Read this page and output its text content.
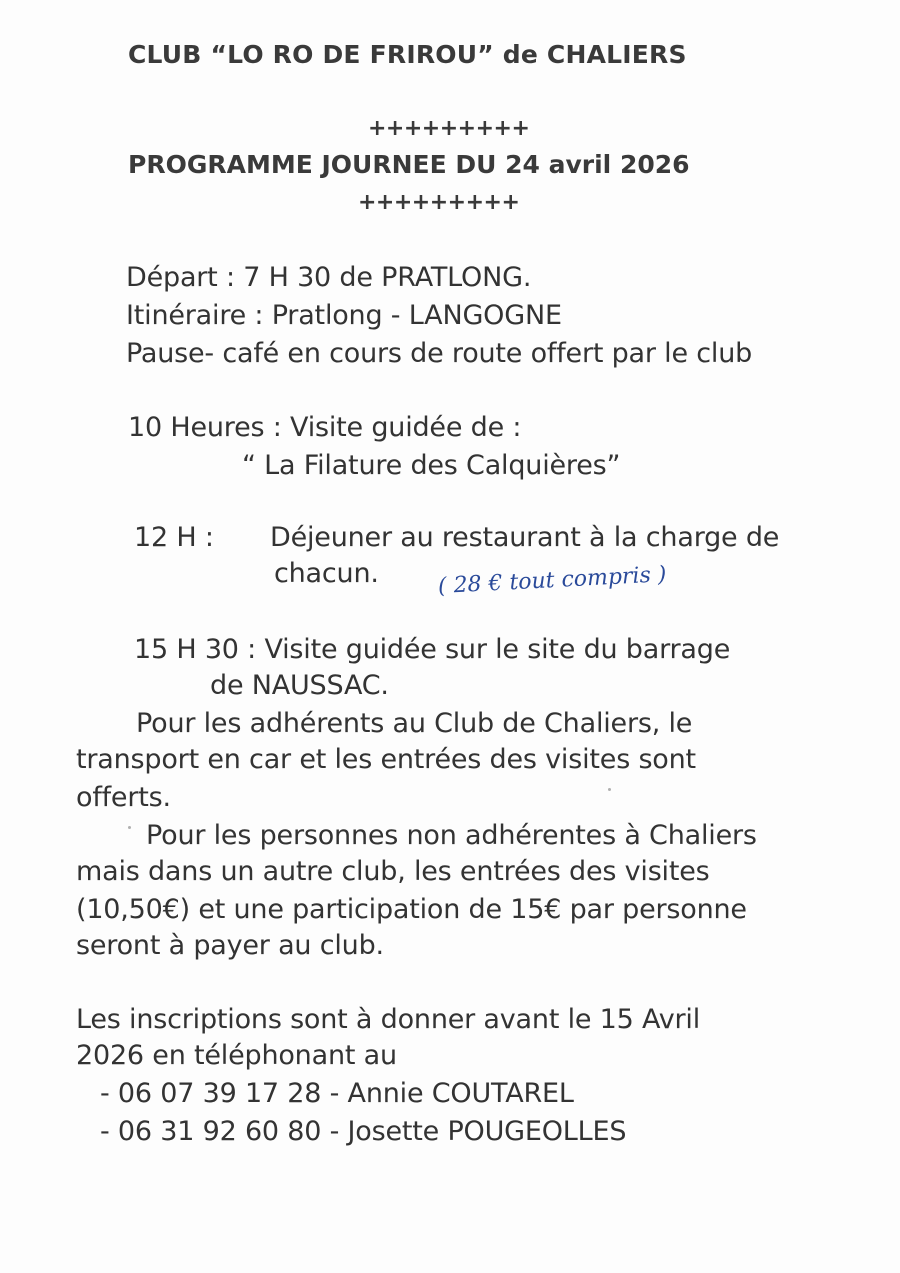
CLUB “LO RO DE FRIROU” de CHALIERS
+++++++++
PROGRAMME JOURNEE DU 24 avril 2026
+++++++++
Départ : 7 H 30 de PRATLONG.
Itinéraire : Pratlong - LANGOGNE
Pause- café en cours de route offert par le club
10 Heures : Visite guidée de :
“ La Filature des Calquières”
12 H : Déjeuner au restaurant à la charge de
chacun.	( 28 € tout compris )
15 H 30 : Visite guidée sur le site du barrage
de NAUSSAC.
Pour les adhérents au Club de Chaliers, le
transport en car et les entrées des visites sont
offerts.
Pour les personnes non adhérentes à Chaliers
mais dans un autre club, les entrées des visites
(10,50€) et une participation de 15€ par personne
seront à payer au club.
Les inscriptions sont à donner avant le 15 Avril
2026 en téléphonant au
- 06 07 39 17 28 - Annie COUTAREL
- 06 31 92 60 80 - Josette POUGEOLLES
